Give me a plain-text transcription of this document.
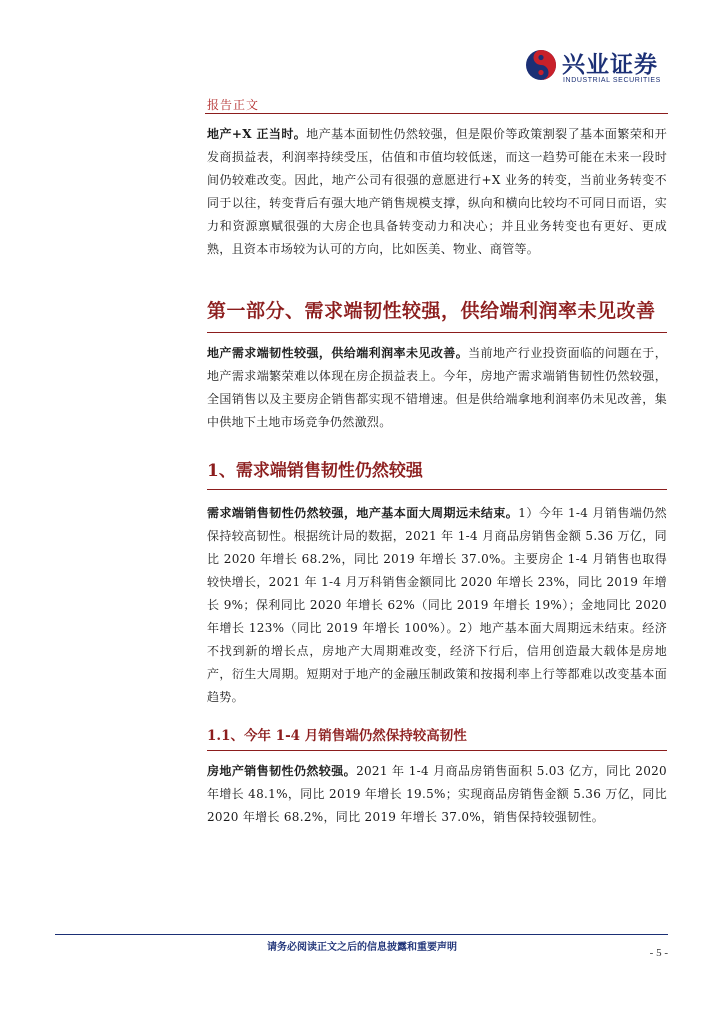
兴业证券
INDUSTRIAL SECURITIES
报告正文

地产+X 正当时。地产基本面韧性仍然较强，但是限价等政策割裂了基本面繁荣和开发商损益表，利润率持续受压，估值和市值均较低迷，而这一趋势可能在未来一段时间仍较难改变。因此，地产公司有很强的意愿进行+X 业务的转变，当前业务转变不同于以往，转变背后有强大地产销售规模支撑，纵向和横向比较均不可同日而语，实力和资源禀赋很强的大房企也具备转变动力和决心；并且业务转变也有更好、更成熟，且资本市场较为认可的方向，比如医美、物业、商管等。

第一部分、需求端韧性较强，供给端利润率未见改善

地产需求端韧性较强，供给端利润率未见改善。当前地产行业投资面临的问题在于，地产需求端繁荣难以体现在房企损益表上。今年，房地产需求端销售韧性仍然较强，全国销售以及主要房企销售都实现不错增速。但是供给端拿地利润率仍未见改善，集中供地下土地市场竞争仍然激烈。

1、需求端销售韧性仍然较强

需求端销售韧性仍然较强，地产基本面大周期远未结束。1）今年 1-4 月销售端仍然保持较高韧性。根据统计局的数据，2021 年 1-4 月商品房销售金额 5.36 万亿，同比 2020 年增长 68.2%，同比 2019 年增长 37.0%。主要房企 1-4 月销售也取得较快增长，2021 年 1-4 月万科销售金额同比 2020 年增长 23%，同比 2019 年增长 9%；保利同比 2020 年增长 62%（同比 2019 年增长 19%）；金地同比 2020 年增长 123%（同比 2019 年增长 100%）。2）地产基本面大周期远未结束。经济不找到新的增长点，房地产大周期难改变，经济下行后，信用创造最大载体是房地产，衍生大周期。短期对于地产的金融压制政策和按揭利率上行等都难以改变基本面趋势。

1.1、今年 1-4 月销售端仍然保持较高韧性

房地产销售韧性仍然较强。2021 年 1-4 月商品房销售面积 5.03 亿方，同比 2020 年增长 48.1%，同比 2019 年增长 19.5%；实现商品房销售金额 5.36 万亿，同比 2020 年增长 68.2%，同比 2019 年增长 37.0%，销售保持较强韧性。

请务必阅读正文之后的信息披露和重要声明	- 5 -
